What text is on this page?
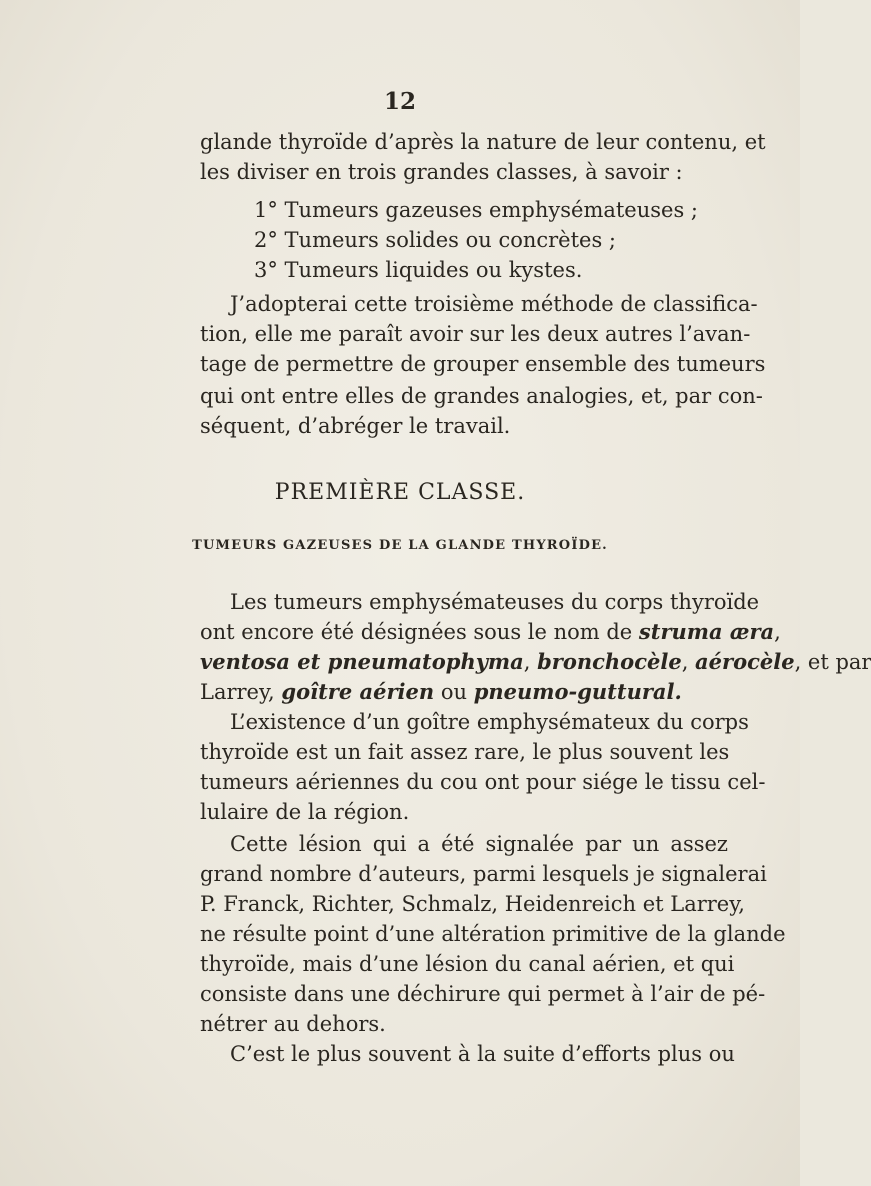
12
glande thyroïde d’après la nature de leur contenu, et
les diviser en trois grandes classes, à savoir :
1° Tumeurs gazeuses emphysémateuses ;
2° Tumeurs solides ou concrètes ;
3° Tumeurs liquides ou kystes.
J’adopterai cette troisième méthode de classifica-
tion, elle me paraît avoir sur les deux autres l’avan-
tage de permettre de grouper ensemble des tumeurs
qui ont entre elles de grandes analogies, et, par con-
séquent, d’abréger le travail.
PREMIÈRE CLASSE.
TUMEURS GAZEUSES DE LA GLANDE THYROÏDE.
Les tumeurs emphysémateuses du corps thyroïde
ont encore été désignées sous le nom de struma æra,
ventosa et pneumatophyma, bronchocèle, aérocèle, et par
Larrey, goître aérien ou pneumo-guttural.
L’existence d’un goître emphysémateux du corps
thyroïde est un fait assez rare, le plus souvent les
tumeurs aériennes du cou ont pour siége le tissu cel-
lulaire de la région.
Cette lésion qui a été signalée par un assez
grand nombre d’auteurs, parmi lesquels je signalerai
P. Franck, Richter, Schmalz, Heidenreich et Larrey,
ne résulte point d’une altération primitive de la glande
thyroïde, mais d’une lésion du canal aérien, et qui
consiste dans une déchirure qui permet à l’air de pé-
nétrer au dehors.
C’est le plus souvent à la suite d’efforts plus ou
